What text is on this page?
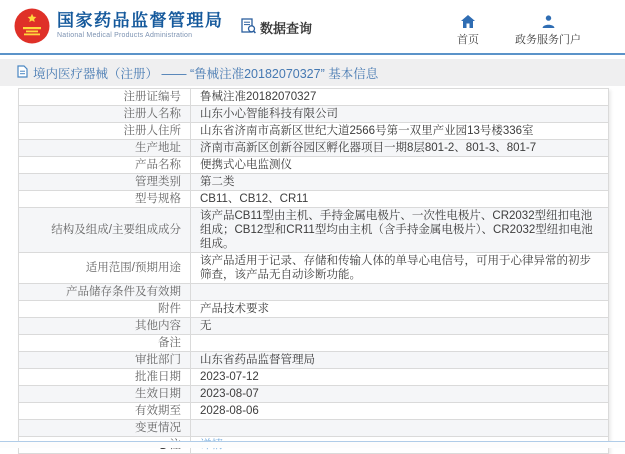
国家药品监督管理局
National Medical Products Administration	数据查询
首页	政务服务门户
境内医疗器械（注册） —— “鲁械注准20182070327” 基本信息
注册证编号	鲁械注准20182070327
注册人名称	山东小心智能科技有限公司
注册人住所	山东省济南市高新区世纪大道2566号第一双里产业园13号楼336室
生产地址	济南市高新区创新谷园区孵化器项目一期8层801-2、801-3、801-7
产品名称	便携式心电监测仪
管理类别	第二类
型号规格	CB11、CB12、CR11
结构及组成/主要组成成分	该产品CB11型由主机、手持金属电极片、一次性电极片、CR2032型纽扣电池组成；CB12型和CR11型均由主机（含手持金属电极片）、CR2032型纽扣电池组成。
适用范围/预期用途	该产品适用于记录、存储和传输人体的单导心电信号，可用于心律异常的初步筛查，该产品无自动诊断功能。
产品储存条件及有效期	
附件	产品技术要求
其他内容	无
备注	
审批部门	山东省药品监督管理局
批准日期	2023-07-12
生效日期	2023-08-07
有效期至	2028-08-06
变更情况	
